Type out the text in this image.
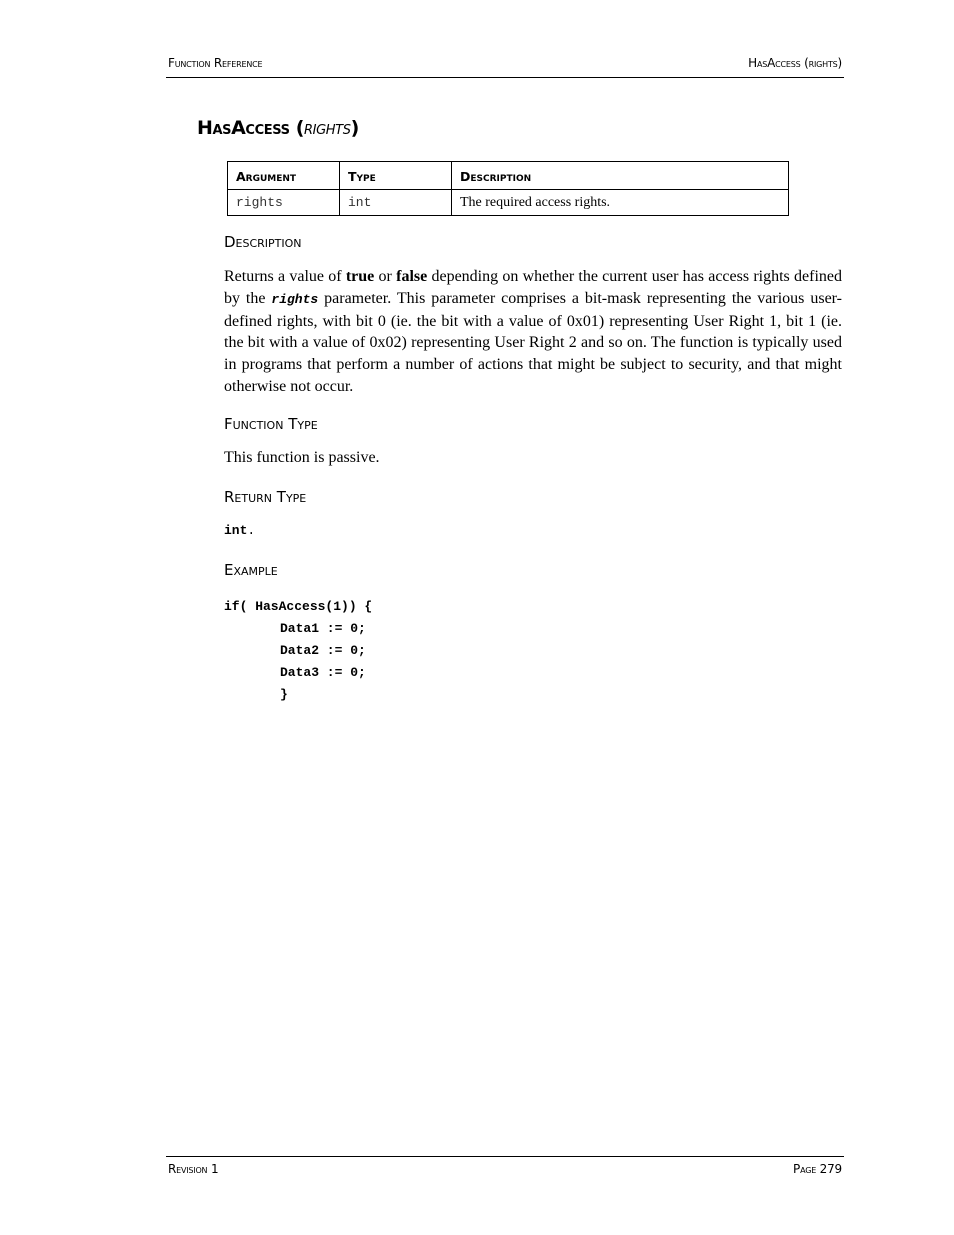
Function Reference	HasAccess (rights)
HasAccess (rights)
Argument	Type	Description
rights	int	The required access rights.
Description

Returns a value of true or false depending on whether the current user has access rights defined by the rights parameter. This parameter comprises a bit-mask representing the various user-defined rights, with bit 0 (ie. the bit with a value of 0x01) representing User Right 1, bit 1 (ie. the bit with a value of 0x02) representing User Right 2 and so on. The function is typically used in programs that perform a number of actions that might be subject to security, and that might otherwise not occur.

Function Type

This function is passive.

Return Type

int.

Example
if( HasAccess(1)) {
Data1 := 0;
Data2 := 0;
Data3 := 0;
}
Revision 1	Page 279
